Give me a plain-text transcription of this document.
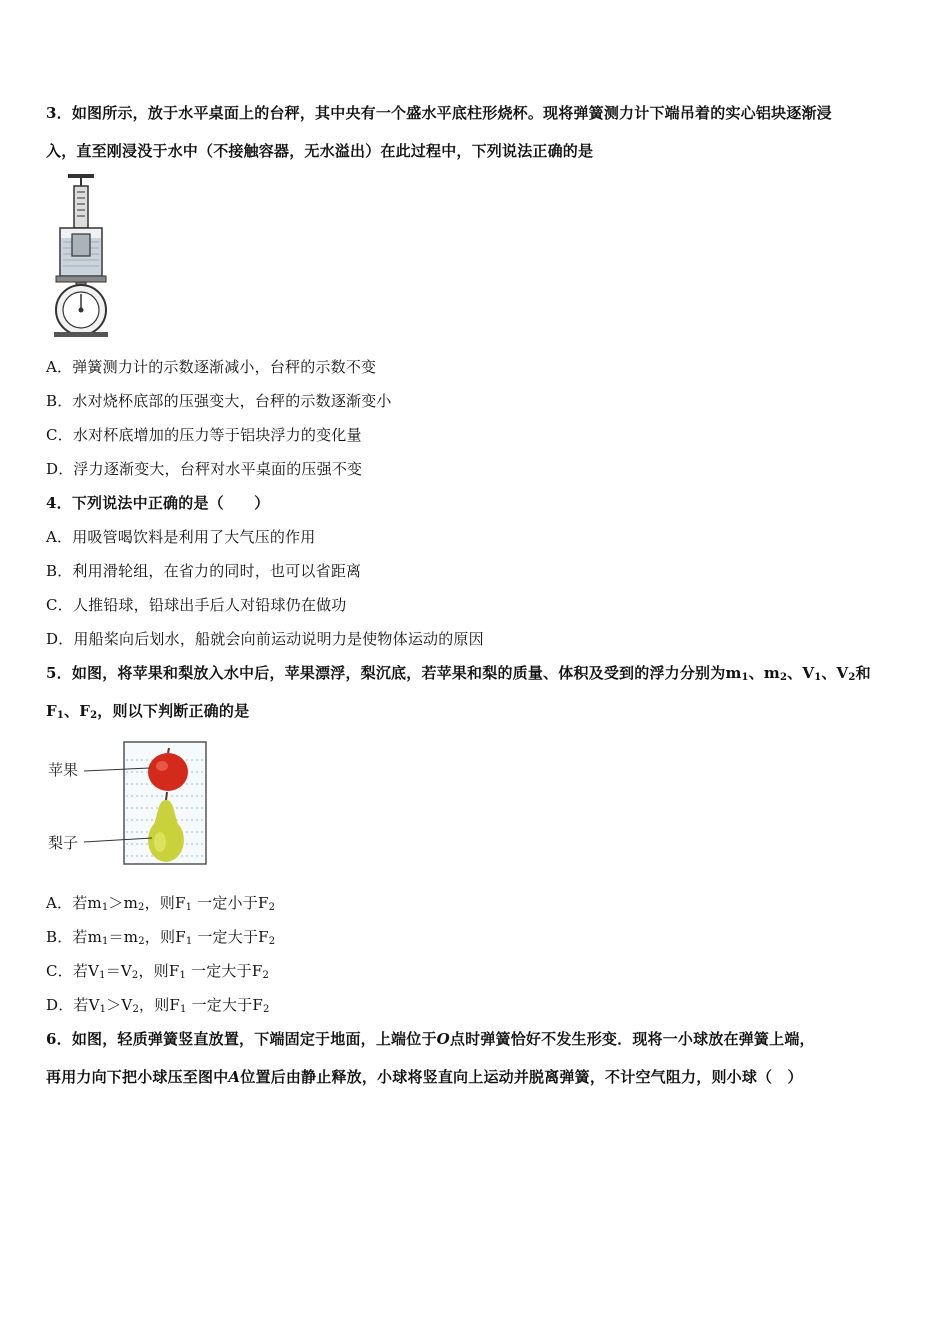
3．如图所示，放于水平桌面上的台秤，其中央有一个盛水平底柱形烧杯。现将弹簧测力计下端吊着的实心铝块逐渐浸
入，直至刚浸没于水中（不接触容器，无水溢出）在此过程中，下列说法正确的是
A．弹簧测力计的示数逐渐减小，台秤的示数不变
B．水对烧杯底部的压强变大，台秤的示数逐渐变小
C．水对杯底增加的压力等于铝块浮力的变化量
D．浮力逐渐变大，台秤对水平桌面的压强不变
4．下列说法中正确的是（　　）
A．用吸管喝饮料是利用了大气压的作用
B．利用滑轮组，在省力的同时，也可以省距离
C．人推铅球，铅球出手后人对铅球仍在做功
D．用船桨向后划水，船就会向前运动说明力是使物体运动的原因
5．如图，将苹果和梨放入水中后，苹果漂浮，梨沉底，若苹果和梨的质量、体积及受到的浮力分别为$m_1$、$m_2$、$V_1$、$V_2$和
$F_1$、$F_2$，则以下判断正确的是
苹果
梨子
A．若$m_1>m_2$，则$F_1$ 一定小于$F_2$
B．若$m_1=m_2$，则$F_1$ 一定大于$F_2$
C．若$V_1=V_2$，则$F_1$ 一定大于$F_2$
D．若$V_1>V_2$，则$F_1$ 一定大于$F_2$
6．如图，轻质弹簧竖直放置，下端固定于地面，上端位于O点时弹簧恰好不发生形变．现将一小球放在弹簧上端，
再用力向下把小球压至图中A位置后由静止释放，小球将竖直向上运动并脱离弹簧，不计空气阻力，则小球（　）
